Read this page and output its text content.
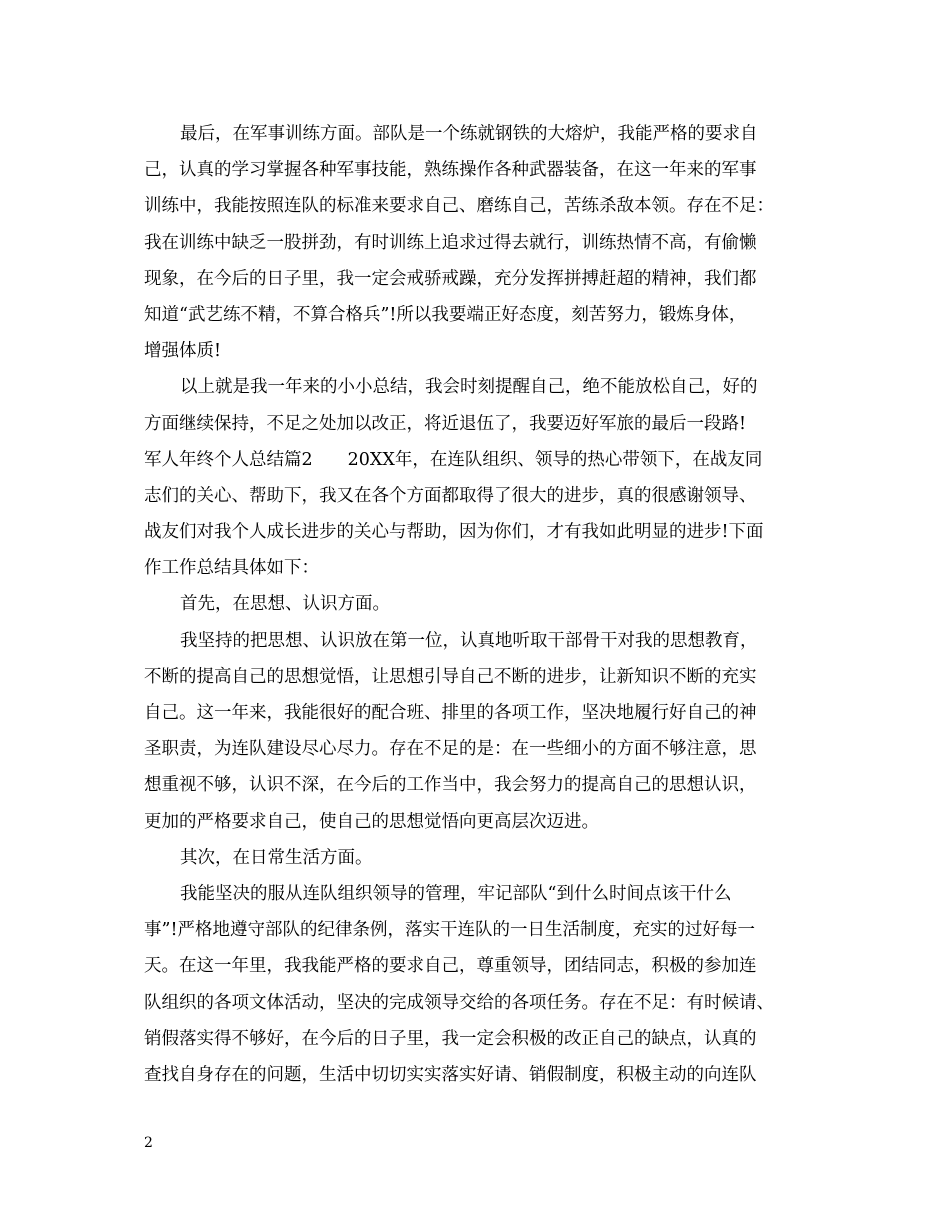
最后，在军事训练方面。部队是一个练就钢铁的大熔炉，我能严格的要求自
己，认真的学习掌握各种军事技能，熟练操作各种武器装备，在这一年来的军事
训练中，我能按照连队的标准来要求自己、磨练自己，苦练杀敌本领。存在不足：
我在训练中缺乏一股拼劲，有时训练上追求过得去就行，训练热情不高，有偷懒
现象，在今后的日子里，我一定会戒骄戒躁，充分发挥拼搏赶超的精神，我们都
知道“武艺练不精，不算合格兵”!所以我要端正好态度，刻苦努力，锻炼身体，
增强体质!
以上就是我一年来的小小总结，我会时刻提醒自己，绝不能放松自己，好的
方面继续保持，不足之处加以改正，将近退伍了，我要迈好军旅的最后一段路!
军人年终个人总结篇2　　20XX年，在连队组织、领导的热心带领下，在战友同
志们的关心、帮助下，我又在各个方面都取得了很大的进步，真的很感谢领导、
战友们对我个人成长进步的关心与帮助，因为你们，才有我如此明显的进步!下面
作工作总结具体如下：
首先，在思想、认识方面。
我坚持的把思想、认识放在第一位，认真地听取干部骨干对我的思想教育，
不断的提高自己的思想觉悟，让思想引导自己不断的进步，让新知识不断的充实
自己。这一年来，我能很好的配合班、排里的各项工作，坚决地履行好自己的神
圣职责，为连队建设尽心尽力。存在不足的是：在一些细小的方面不够注意，思
想重视不够，认识不深，在今后的工作当中，我会努力的提高自己的思想认识，
更加的严格要求自己，使自己的思想觉悟向更高层次迈进。
其次，在日常生活方面。
我能坚决的服从连队组织领导的管理，牢记部队“到什么时间点该干什么
事”!严格地遵守部队的纪律条例，落实干连队的一日生活制度，充实的过好每一
天。在这一年里，我我能严格的要求自己，尊重领导，团结同志，积极的参加连
队组织的各项文体活动，坚决的完成领导交给的各项任务。存在不足：有时候请、
销假落实得不够好，在今后的日子里，我一定会积极的改正自己的缺点，认真的
查找自身存在的问题，生活中切切实实落实好请、销假制度，积极主动的向连队
2
